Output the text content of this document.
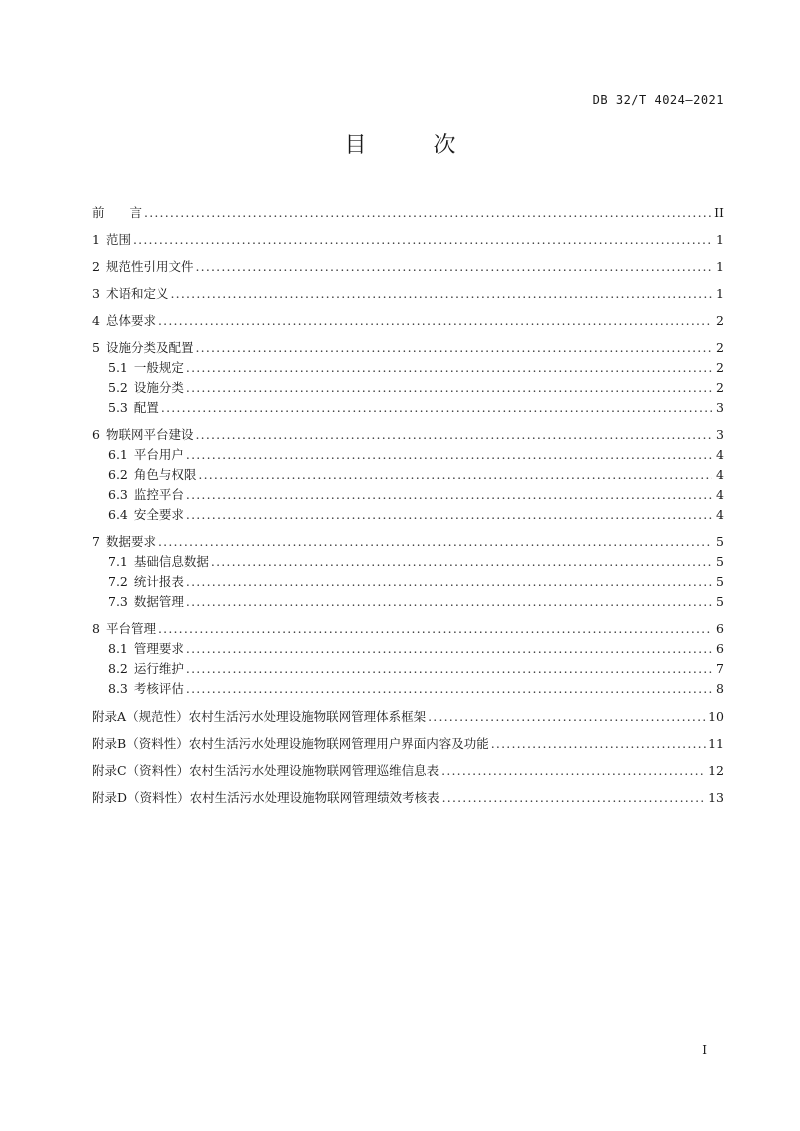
DB 32/T 4024—2021
目 次
前　　言 .....	II
1 范围 .....	1
2 规范性引用文件 .....	1
3 术语和定义 .....	1
4 总体要求 .....	2
5 设施分类及配置 .....	2
5.1 一般规定 .....	2
5.2 设施分类 .....	2
5.3 配置 .....	3
6 物联网平台建设 .....	3
6.1 平台用户 .....	4
6.2 角色与权限 .....	4
6.3 监控平台 .....	4
6.4 安全要求 .....	4
7 数据要求 .....	5
7.1 基础信息数据 .....	5
7.2 统计报表 .....	5
7.3 数据管理 .....	5
8 平台管理 .....	6
8.1 管理要求 .....	6
8.2 运行维护 .....	7
8.3 考核评估 .....	8
附 录 A （规范性） 农村生活污水处理设施物联网管理体系框架 .....	10
附 录 B （资料性） 农村生活污水处理设施物联网管理用户界面内容及功能 .....	11
附 录 C （资料性） 农村生活污水处理设施物联网管理巡维信息表 .....	12
附 录 D （资料性） 农村生活污水处理设施物联网管理绩效考核表 .....	13
I
